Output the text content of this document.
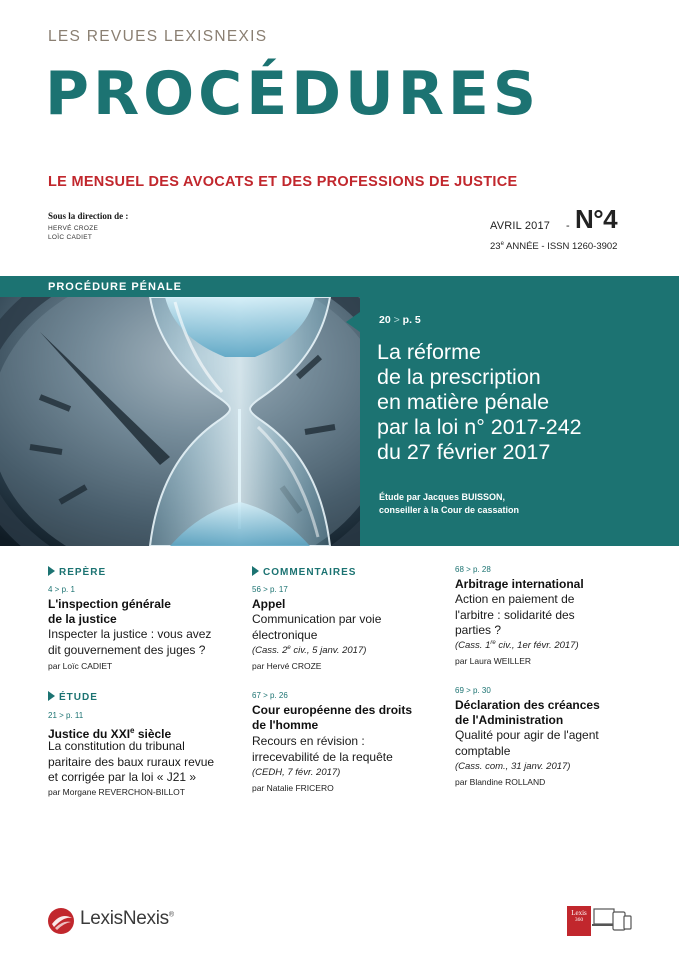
LES REVUES LEXISNEXIS
PROCÉDURES
LE MENSUEL DES AVOCATS ET DES PROFESSIONS DE JUSTICE
Sous la direction de :
HERVÉ CROZE
LOÏC CADIET
AVRIL 2017 - N°4
23e ANNÉE - ISSN 1260-3902
PROCÉDURE PÉNALE
20 > p. 5
La réforme
de la prescription
en matière pénale
par la loi n° 2017-242
du 27 février 2017
Étude par Jacques BUISSON,
conseiller à la Cour de cassation
REPÈRE
4 > p. 1
L'inspection générale
de la justice
Inspecter la justice : vous avez
dit gouvernement des juges ?
par Loïc CADIET
ÉTUDE
21 > p. 11
Justice du XXIe siècle
La constitution du tribunal
paritaire des baux ruraux revue
et corrigée par la loi « J21 »
par Morgane REVERCHON-BILLOT
COMMENTAIRES
56 > p. 17
Appel
Communication par voie
électronique
(Cass. 2e civ., 5 janv. 2017)
par Hervé CROZE
67 > p. 26
Cour européenne des droits
de l'homme
Recours en révision :
irrecevabilité de la requête
(CEDH, 7 févr. 2017)
par Natalie FRICERO
68 > p. 28
Arbitrage international
Action en paiement de
l'arbitre : solidarité des
parties ?
(Cass. 1re civ., 1er févr. 2017)
par Laura WEILLER
69 > p. 30
Déclaration des créances
de l'Administration
Qualité pour agir de l'agent
comptable
(Cass. com., 31 janv. 2017)
par Blandine ROLLAND
LexisNexis®	Lexis
360
